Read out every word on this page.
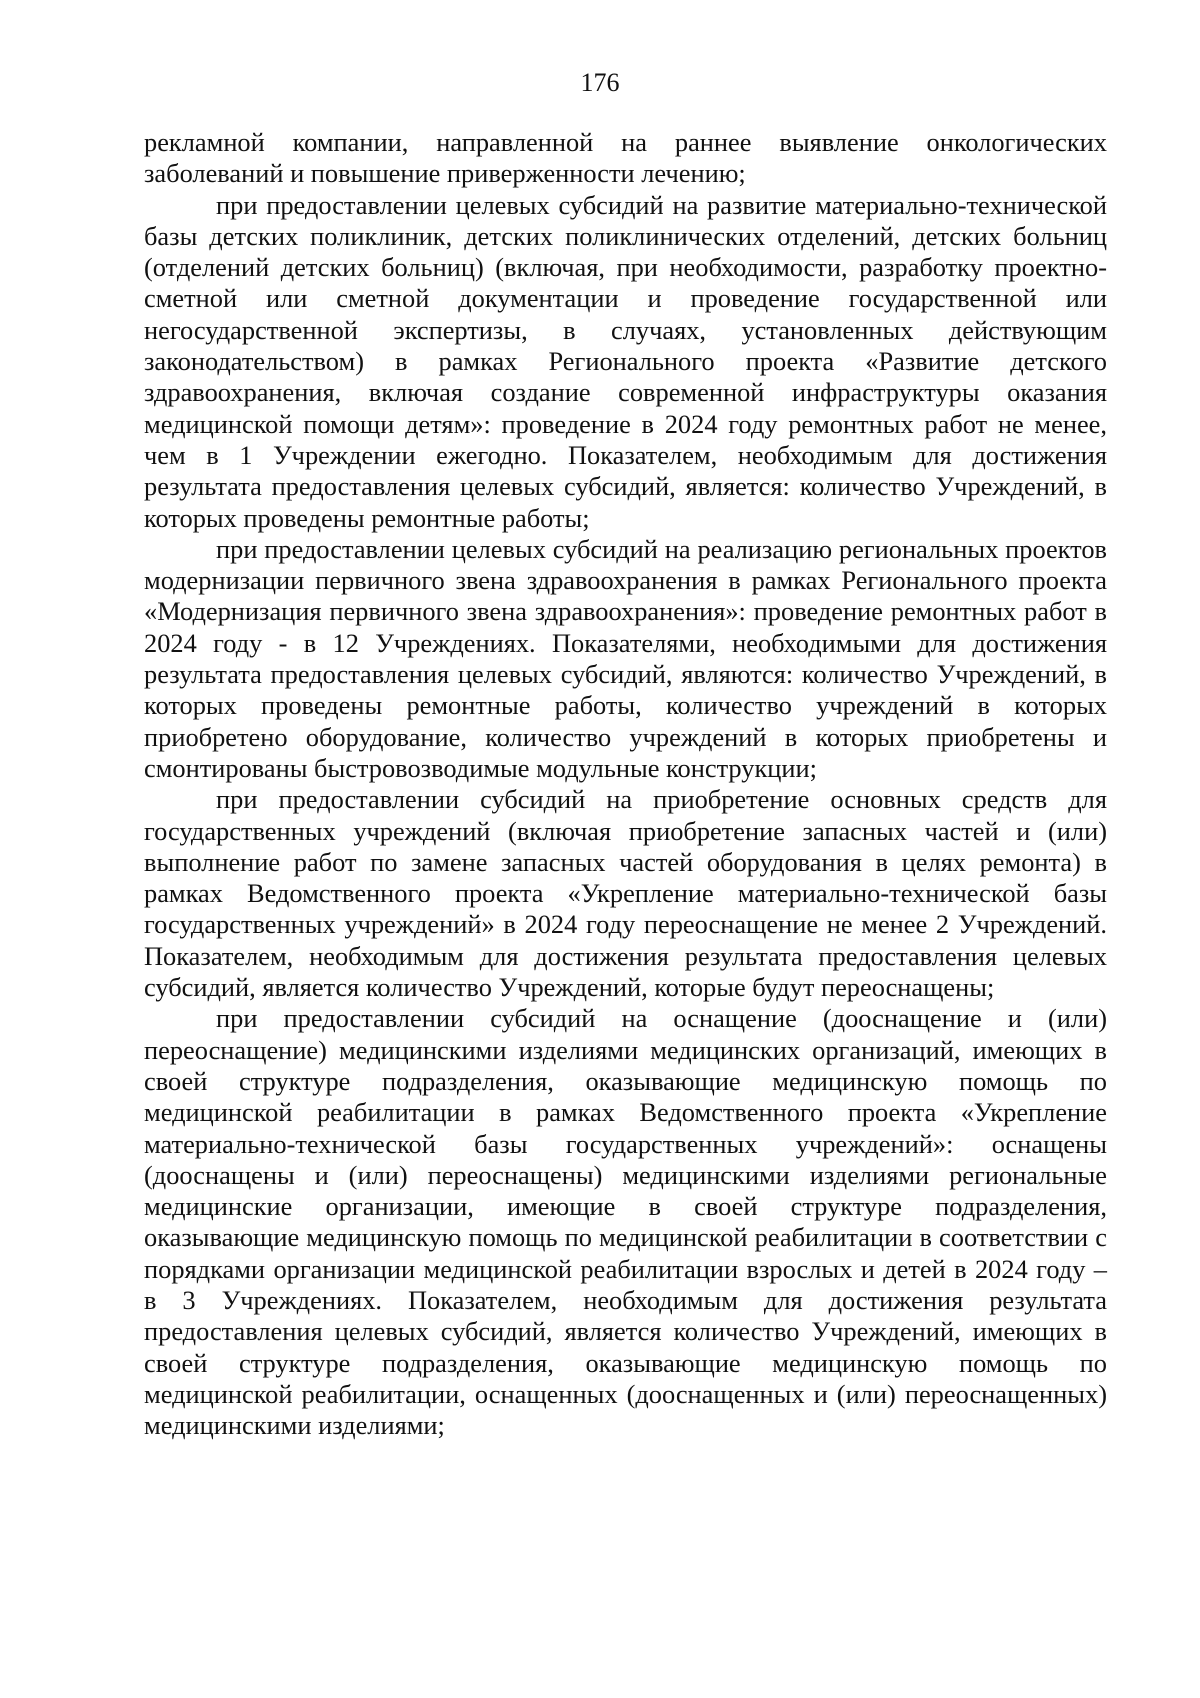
176

рекламной компании, направленной на раннее выявление онкологических заболеваний и повышение приверженности лечению;

при предоставлении целевых субсидий на развитие материально-технической базы детских поликлиник, детских поликлинических отделений, детских больниц (отделений детских больниц) (включая, при необходимости, разработку проектно-сметной или сметной документации и проведение государственной или негосударственной экспертизы, в случаях, установленных действующим законодательством) в рамках Регионального проекта «Развитие детского здравоохранения, включая создание современной инфраструктуры оказания медицинской помощи детям»: проведение в 2024 году ремонтных работ не менее, чем в 1 Учреждении ежегодно. Показателем, необходимым для достижения результата предоставления целевых субсидий, является: количество Учреждений, в которых проведены ремонтные работы;

при предоставлении целевых субсидий на реализацию региональных проектов модернизации первичного звена здравоохранения в рамках Регионального проекта «Модернизация первичного звена здравоохранения»: проведение ремонтных работ в 2024 году - в 12 Учреждениях. Показателями, необходимыми для достижения результата предоставления целевых субсидий, являются: количество Учреждений, в которых проведены ремонтные работы, количество учреждений в которых приобретено оборудование, количество учреждений в которых приобретены и смонтированы быстровозводимые модульные конструкции;

при предоставлении субсидий на приобретение основных средств для государственных учреждений (включая приобретение запасных частей и (или) выполнение работ по замене запасных частей оборудования в целях ремонта) в рамках Ведомственного проекта «Укрепление материально-технической базы государственных учреждений» в 2024 году переоснащение не менее 2 Учреждений. Показателем, необходимым для достижения результата предоставления целевых субсидий, является количество Учреждений, которые будут переоснащены;

при предоставлении субсидий на оснащение (дооснащение и (или) переоснащение) медицинскими изделиями медицинских организаций, имеющих в своей структуре подразделения, оказывающие медицинскую помощь по медицинской реабилитации в рамках Ведомственного проекта «Укрепление материально-технической базы государственных учреждений»: оснащены (дооснащены и (или) переоснащены) медицинскими изделиями региональные медицинские организации, имеющие в своей структуре подразделения, оказывающие медицинскую помощь по медицинской реабилитации в соответствии с порядками организации медицинской реабилитации взрослых и детей в 2024 году – в 3 Учреждениях. Показателем, необходимым для достижения результата предоставления целевых субсидий, является количество Учреждений, имеющих в своей структуре подразделения, оказывающие медицинскую помощь по медицинской реабилитации, оснащенных (дооснащенных и (или) переоснащенных) медицинскими изделиями;
